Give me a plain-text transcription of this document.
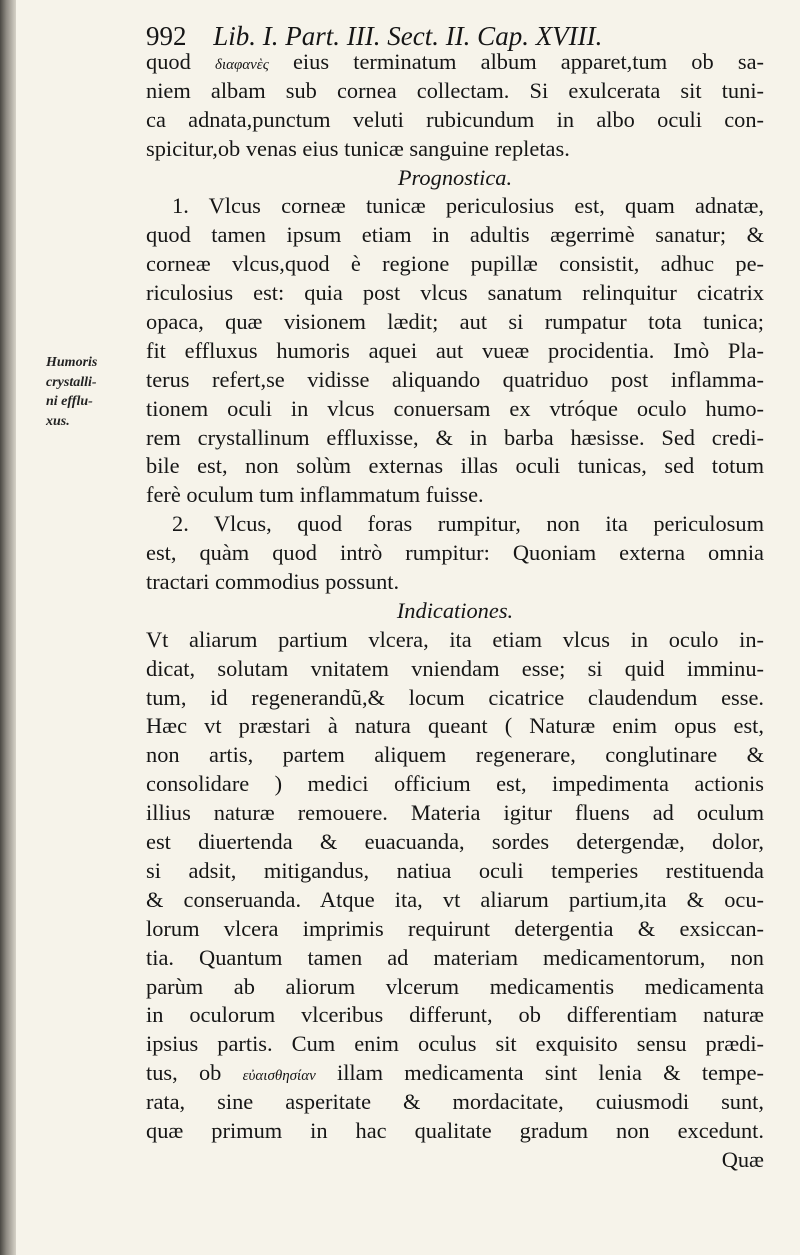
992 Lib. I. Part. III. Sect. II. Cap. XVIII.
Humoris
crystalli-
ni efflu-
xus.
quod διαφανὲς eius terminatum album apparet,tum ob sa-
niem albam sub cornea collectam. Si exulcerata sit tuni-
ca adnata,punctum veluti rubicundum in albo oculi con-
spicitur,ob venas eius tunicæ sanguine repletas.
Prognostica.
1. Vlcus corneæ tunicæ periculosius est, quam adnatæ,
quod tamen ipsum etiam in adultis ægerrimè sanatur; &
corneæ vlcus,quod è regione pupillæ consistit, adhuc pe-
riculosius est: quia post vlcus sanatum relinquitur cicatrix
opaca, quæ visionem lædit; aut si rumpatur tota tunica;
fit effluxus humoris aquei aut vueæ procidentia. Imò Pla-
terus refert,se vidisse aliquando quatriduo post inflamma-
tionem oculi in vlcus conuersam ex vtróque oculo humo-
rem crystallinum effluxisse, & in barba hæsisse. Sed credi-
bile est, non solùm externas illas oculi tunicas, sed totum
ferè oculum tum inflammatum fuisse.
2. Vlcus, quod foras rumpitur, non ita periculosum
est, quàm quod intrò rumpitur: Quoniam externa omnia
tractari commodius possunt.
Indicationes.
Vt aliarum partium vlcera, ita etiam vlcus in oculo in-
dicat, solutam vnitatem vniendam esse; si quid imminu-
tum, id regenerandũ,& locum cicatrice claudendum esse.
Hæc vt præstari à natura queant ( Naturæ enim opus est,
non artis, partem aliquem regenerare, conglutinare &
consolidare ) medici officium est, impedimenta actionis
illius naturæ remouere. Materia igitur fluens ad oculum
est diuertenda & euacuanda, sordes detergendæ, dolor,
si adsit, mitigandus, natiua oculi temperies restituenda
& conseruanda. Atque ita, vt aliarum partium,ita & ocu-
lorum vlcera imprimis requirunt detergentia & exsiccan-
tia. Quantum tamen ad materiam medicamentorum, non
parùm ab aliorum vlcerum medicamentis medicamenta
in oculorum vlceribus differunt, ob differentiam naturæ
ipsius partis. Cum enim oculus sit exquisito sensu prædi-
tus, ob εὐαισθησίαν illam medicamenta sint lenia & tempe-
rata, sine asperitate & mordacitate, cuiusmodi sunt,
quæ primum in hac qualitate gradum non excedunt.
Quæ
